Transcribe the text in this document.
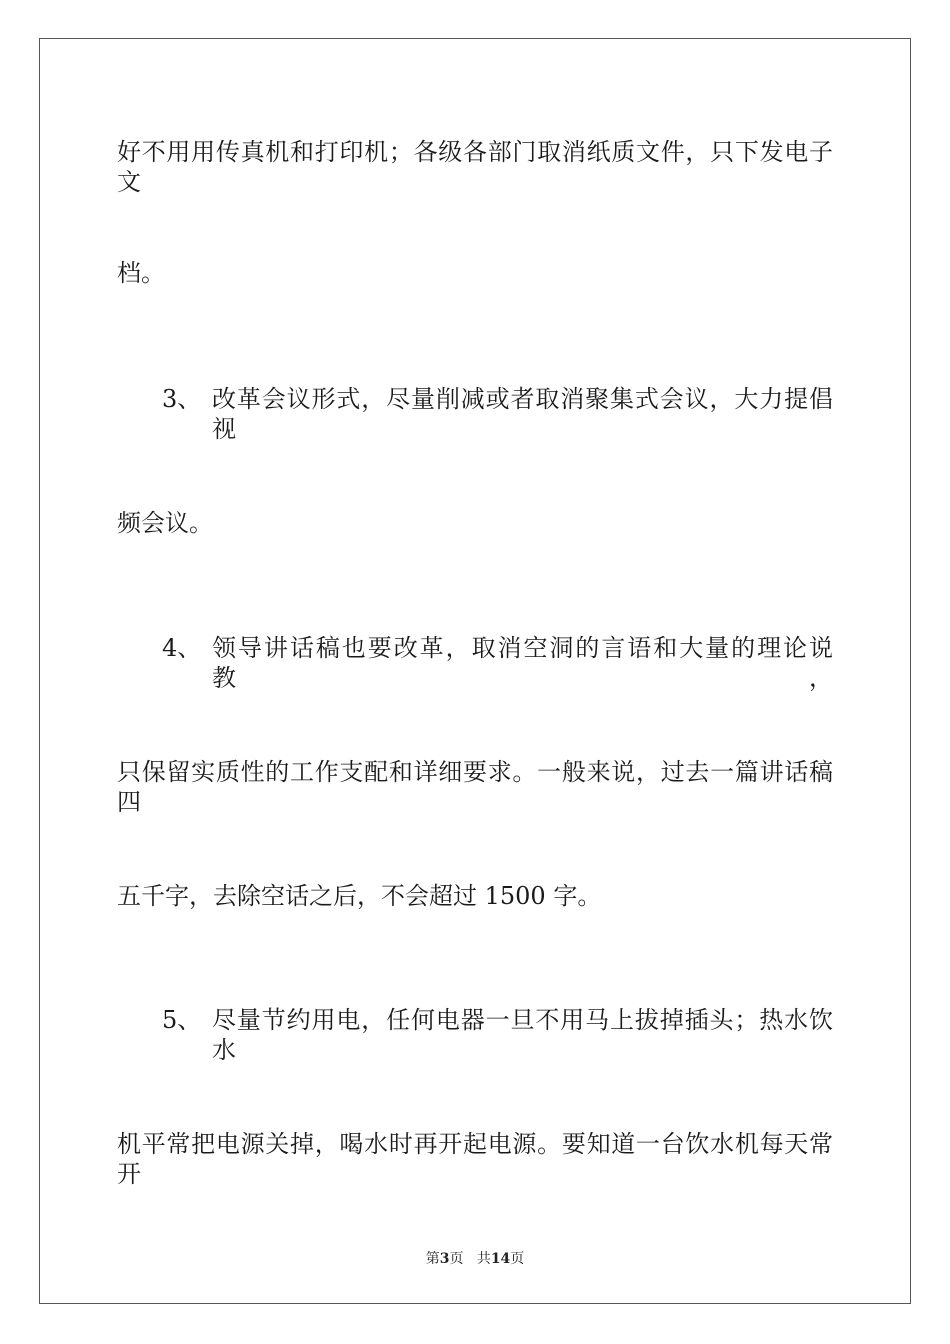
好不用用传真机和打印机；各级各部门取消纸质文件，只下发电子文
档。
3、 改革会议形式，尽量削减或者取消聚集式会议，大力提倡视
频会议。
4、 领导讲话稿也要改革，取消空洞的言语和大量的理论说教，
只保留实质性的工作支配和详细要求。一般来说，过去一篇讲话稿四
五千字，去除空话之后，不会超过 1500 字。
5、 尽量节约用电，任何电器一旦不用马上拔掉插头；热水饮水
机平常把电源关掉，喝水时再开起电源。要知道一台饮水机每天常开
第3页 共14页
